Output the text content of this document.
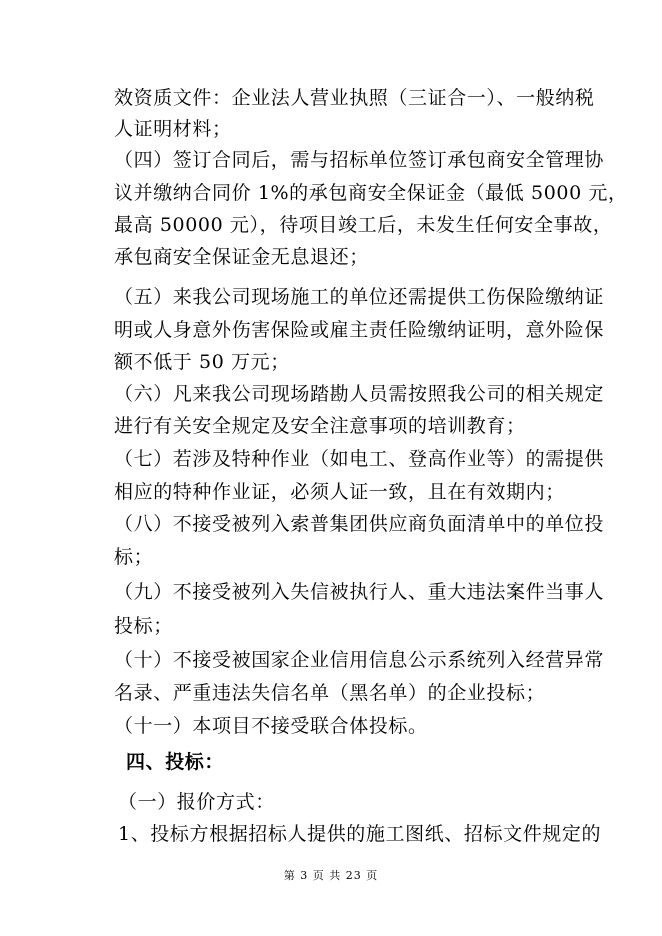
效资质文件：企业法人营业执照（三证合一）、一般纳税
人证明材料；
（四）签订合同后，需与招标单位签订承包商安全管理协
议并缴纳合同价 1%的承包商安全保证金（最低 5000 元，
最高 50000 元），待项目竣工后，未发生任何安全事故，
承包商安全保证金无息退还；
（五）来我公司现场施工的单位还需提供工伤保险缴纳证
明或人身意外伤害保险或雇主责任险缴纳证明，意外险保
额不低于 50 万元；
（六）凡来我公司现场踏勘人员需按照我公司的相关规定
进行有关安全规定及安全注意事项的培训教育；
（七）若涉及特种作业（如电工、登高作业等）的需提供
相应的特种作业证，必须人证一致，且在有效期内；
（八）不接受被列入索普集团供应商负面清单中的单位投
标；
（九）不接受被列入失信被执行人、重大违法案件当事人
投标；
（十）不接受被国家企业信用信息公示系统列入经营异常
名录、严重违法失信名单（黑名单）的企业投标；
（十一）本项目不接受联合体投标。
四、投标：
（一）报价方式：
1、投标方根据招标人提供的施工图纸、招标文件规定的
第 3 页 共 23 页
